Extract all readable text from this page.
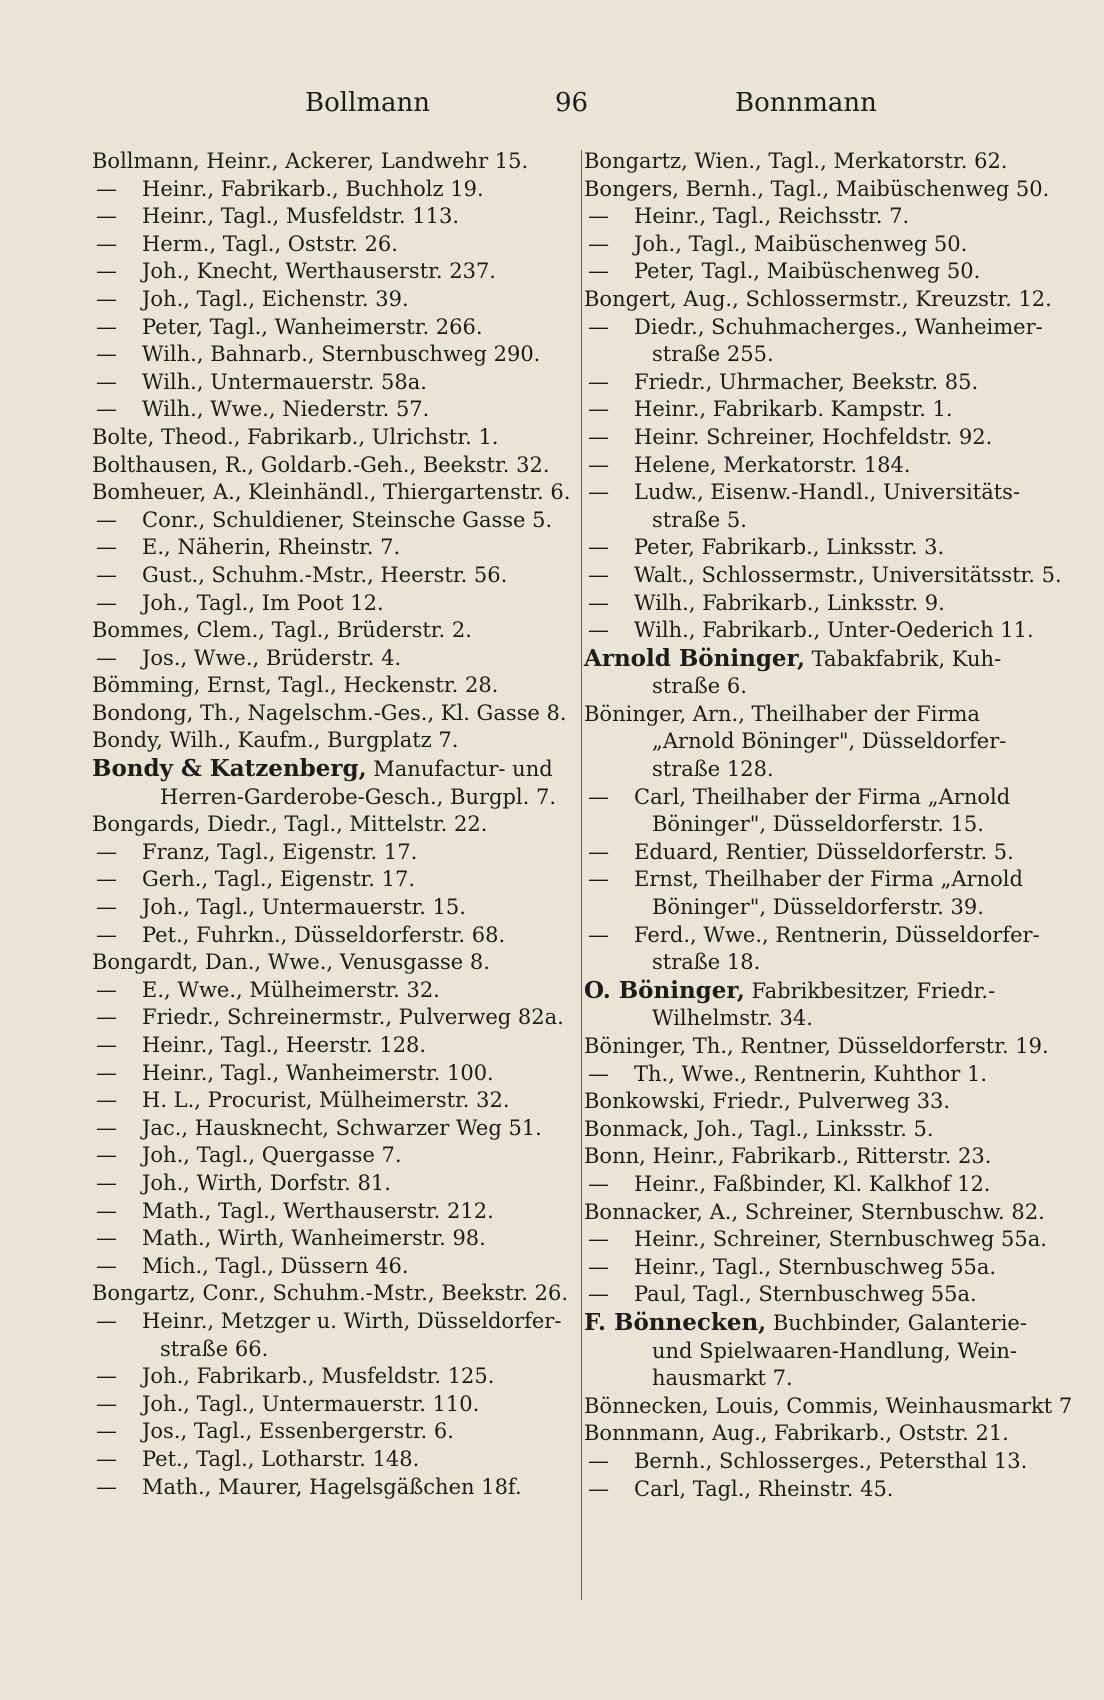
Bollmann	96	Bonnmann
Bollmann, Heinr., Ackerer, Landwehr 15.
— Heinr., Fabrikarb., Buchholz 19.
— Heinr., Tagl., Musfeldstr. 113.
— Herm., Tagl., Oststr. 26.
— Joh., Knecht, Werthauserstr. 237.
— Joh., Tagl., Eichenstr. 39.
— Peter, Tagl., Wanheimerstr. 266.
— Wilh., Bahnarb., Sternbuschweg 290.
— Wilh., Untermauerstr. 58a.
— Wilh., Wwe., Niederstr. 57.
Bolte, Theod., Fabrikarb., Ulrichstr. 1.
Bolthausen, R., Goldarb.-Geh., Beekstr. 32.
Bomheuer, A., Kleinhändl., Thiergartenstr. 6.
— Conr., Schuldiener, Steinsche Gasse 5.
— E., Näherin, Rheinstr. 7.
— Gust., Schuhm.-Mstr., Heerstr. 56.
— Joh., Tagl., Im Poot 12.
Bommes, Clem., Tagl., Brüderstr. 2.
— Jos., Wwe., Brüderstr. 4.
Bömming, Ernst, Tagl., Heckenstr. 28.
Bondong, Th., Nagelschm.-Ges., Kl. Gasse 8.
Bondy, Wilh., Kaufm., Burgplatz 7.
Bondy & Katzenberg, Manufactur- und
Herren-Garderobe-Gesch., Burgpl. 7.
Bongards, Diedr., Tagl., Mittelstr. 22.
— Franz, Tagl., Eigenstr. 17.
— Gerh., Tagl., Eigenstr. 17.
— Joh., Tagl., Untermauerstr. 15.
— Pet., Fuhrkn., Düsseldorferstr. 68.
Bongardt, Dan., Wwe., Venusgasse 8.
— E., Wwe., Mülheimerstr. 32.
— Friedr., Schreinermstr., Pulverweg 82a.
— Heinr., Tagl., Heerstr. 128.
— Heinr., Tagl., Wanheimerstr. 100.
— H. L., Procurist, Mülheimerstr. 32.
— Jac., Hausknecht, Schwarzer Weg 51.
— Joh., Tagl., Quergasse 7.
— Joh., Wirth, Dorfstr. 81.
— Math., Tagl., Werthauserstr. 212.
— Math., Wirth, Wanheimerstr. 98.
— Mich., Tagl., Düssern 46.
Bongartz, Conr., Schuhm.-Mstr., Beekstr. 26.
— Heinr., Metzger u. Wirth, Düsseldorfer-
straße 66.
— Joh., Fabrikarb., Musfeldstr. 125.
— Joh., Tagl., Untermauerstr. 110.
— Jos., Tagl., Essenbergerstr. 6.
— Pet., Tagl., Lotharstr. 148.
— Math., Maurer, Hagelsgäßchen 18f.
Bongartz, Wien., Tagl., Merkatorstr. 62.
Bongers, Bernh., Tagl., Maibüschenweg 50.
— Heinr., Tagl., Reichsstr. 7.
— Joh., Tagl., Maibüschenweg 50.
— Peter, Tagl., Maibüschenweg 50.
Bongert, Aug., Schlossermstr., Kreuzstr. 12.
— Diedr., Schuhmacherges., Wanheimer-
straße 255.
— Friedr., Uhrmacher, Beekstr. 85.
— Heinr., Fabrikarb. Kampstr. 1.
— Heinr. Schreiner, Hochfeldstr. 92.
— Helene, Merkatorstr. 184.
— Ludw., Eisenw.-Handl., Universitäts-
straße 5.
— Peter, Fabrikarb., Linksstr. 3.
— Walt., Schlossermstr., Universitätsstr. 5.
— Wilh., Fabrikarb., Linksstr. 9.
— Wilh., Fabrikarb., Unter-Oederich 11.
Arnold Böninger, Tabakfabrik, Kuh-
straße 6.
Böninger, Arn., Theilhaber der Firma
„Arnold Böninger", Düsseldorfer-
straße 128.
— Carl, Theilhaber der Firma „Arnold
Böninger", Düsseldorferstr. 15.
— Eduard, Rentier, Düsseldorferstr. 5.
— Ernst, Theilhaber der Firma „Arnold
Böninger", Düsseldorferstr. 39.
— Ferd., Wwe., Rentnerin, Düsseldorfer-
straße 18.
O. Böninger, Fabrikbesitzer, Friedr.-
Wilhelmstr. 34.
Böninger, Th., Rentner, Düsseldorferstr. 19.
— Th., Wwe., Rentnerin, Kuhthor 1.
Bonkowski, Friedr., Pulverweg 33.
Bonmack, Joh., Tagl., Linksstr. 5.
Bonn, Heinr., Fabrikarb., Ritterstr. 23.
— Heinr., Faßbinder, Kl. Kalkhof 12.
Bonnacker, A., Schreiner, Sternbuschw. 82.
— Heinr., Schreiner, Sternbuschweg 55a.
— Heinr., Tagl., Sternbuschweg 55a.
— Paul, Tagl., Sternbuschweg 55a.
F. Bönnecken, Buchbinder, Galanterie-
und Spielwaaren-Handlung, Wein-
hausmarkt 7.
Bönnecken, Louis, Commis, Weinhausmarkt 7
Bonnmann, Aug., Fabrikarb., Oststr. 21.
— Bernh., Schlosserges., Petersthal 13.
— Carl, Tagl., Rheinstr. 45.
